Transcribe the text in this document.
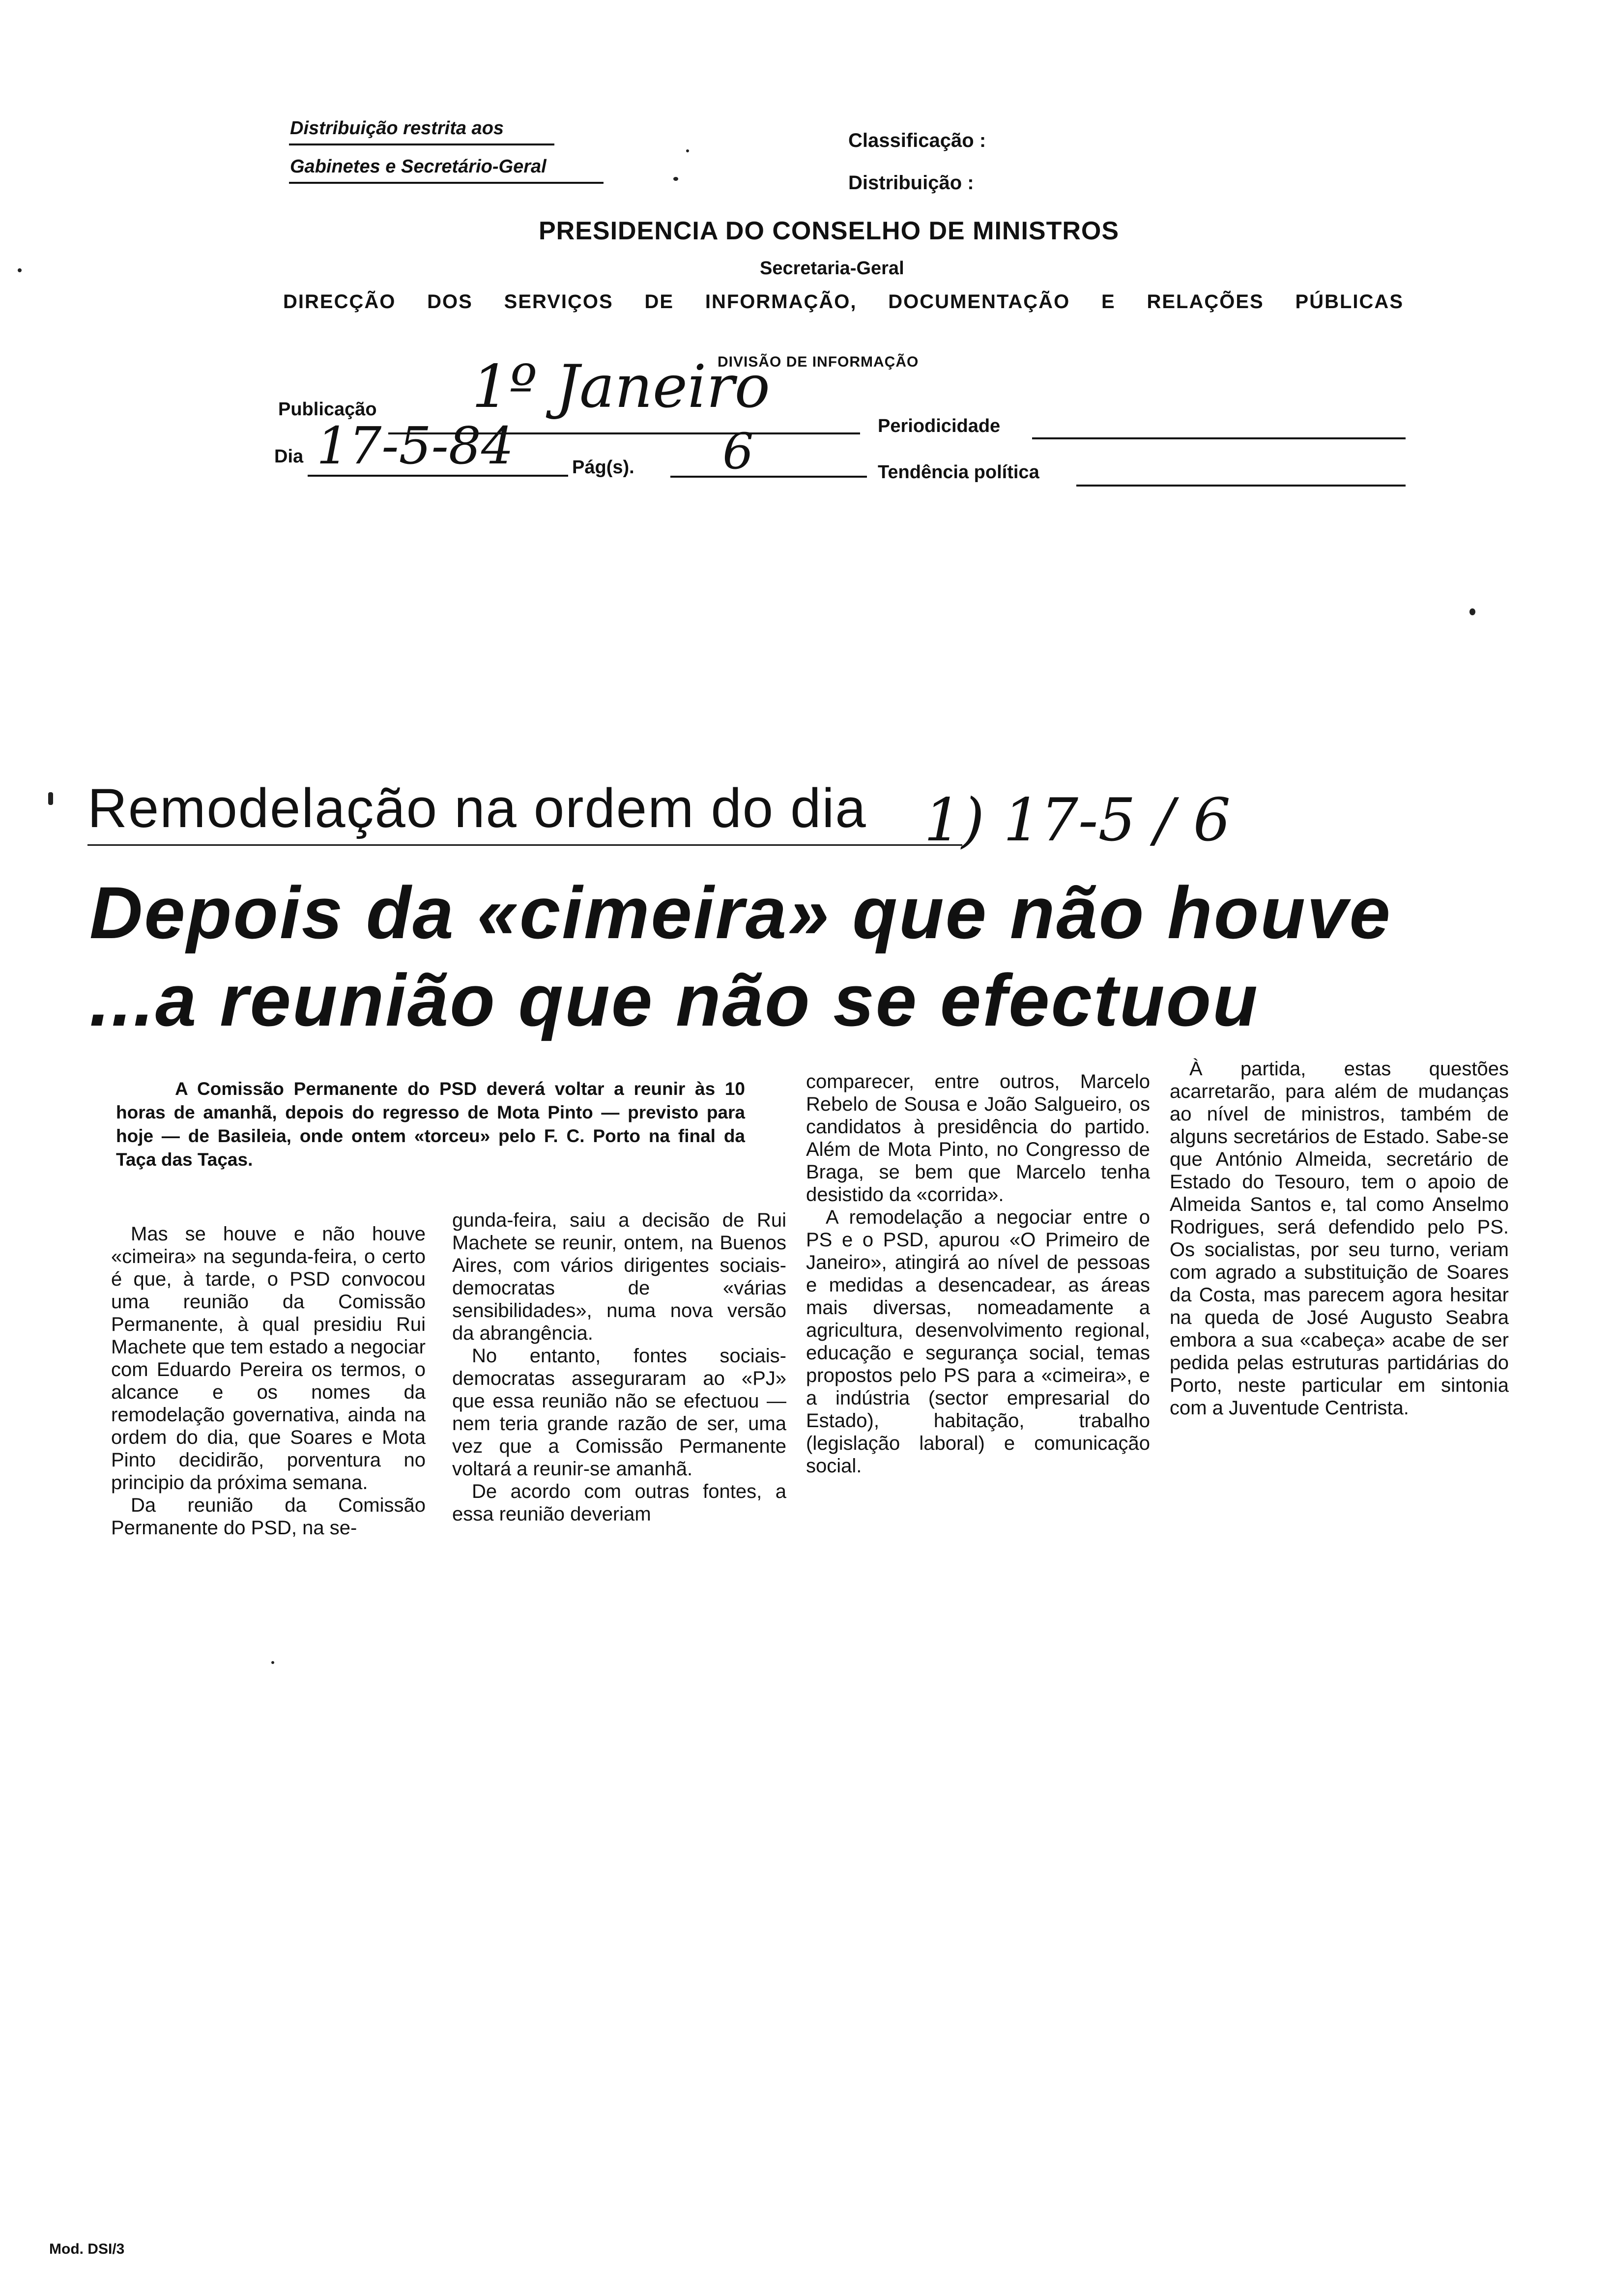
Distribuição restrita aos
Gabinetes e Secretário-Geral
Classificação :
Distribuição :
PRESIDENCIA DO CONSELHO DE MINISTROS
Secretaria-Geral
DIRECÇÃO DOS SERVIÇOS DE INFORMAÇÃO, DOCUMENTAÇÃO E RELAÇÕES PÚBLICAS
DIVISÃO DE INFORMAÇÃO
Publicação 1º Janeiro
Periodicidade
Dia 17-5-84	Pág(s). 6	Tendência política
Remodelação na ordem do dia 1) 17-5 / 6
Depois da «cimeira» que não houve
...a reunião que não se efectuou
A Comissão Permanente do PSD deverá voltar a reunir às 10 horas de amanhã, depois do regresso de Mota Pinto — previsto para hoje — de Basileia, onde ontem «torceu» pelo F. C. Porto na final da Taça das Taças.

Mas se houve e não houve «cimeira» na segunda-feira, o certo é que, à tarde, o PSD convocou uma reunião da Comissão Permanente, à qual presidiu Rui Machete que tem estado a negociar com Eduardo Pereira os termos, o alcance e os nomes da remodelação governativa, ainda na ordem do dia, que Soares e Mota Pinto decidirão, porventura no principio da próxima semana.

Da reunião da Comissão Permanente do PSD, na se-

gunda-feira, saiu a decisão de Rui Machete se reunir, ontem, na Buenos Aires, com vários dirigentes sociais-democratas de «várias sensibilidades», numa nova versão da abrangência.

No entanto, fontes sociais-democratas asseguraram ao «PJ» que essa reunião não se efectuou — nem teria grande razão de ser, uma vez que a Comissão Permanente voltará a reunir-se amanhã.

De acordo com outras fontes, a essa reunião deveriam

comparecer, entre outros, Marcelo Rebelo de Sousa e João Salgueiro, os candidatos à presidência do partido. Além de Mota Pinto, no Congresso de Braga, se bem que Marcelo tenha desistido da «corrida».

A remodelação a negociar entre o PS e o PSD, apurou «O Primeiro de Janeiro», atingirá ao nível de pessoas e medidas a desencadear, as áreas mais diversas, nomeadamente a agricultura, desenvolvimento regional, educação e segurança social, temas propostos pelo PS para a «cimeira», e a indústria (sector empresarial do Estado), habitação, trabalho (legislação laboral) e comunicação social.

À partida, estas questões acarretarão, para além de mudanças ao nível de ministros, também de alguns secretários de Estado. Sabe-se que António Almeida, secretário de Estado do Tesouro, tem o apoio de Almeida Santos e, tal como Anselmo Rodrigues, será defendido pelo PS. Os socialistas, por seu turno, veriam com agrado a substituição de Soares da Costa, mas parecem agora hesitar na queda de José Augusto Seabra embora a sua «cabeça» acabe de ser pedida pelas estruturas partidárias do Porto, neste particular em sintonia com a Juventude Centrista.

Mod. DSI/3
